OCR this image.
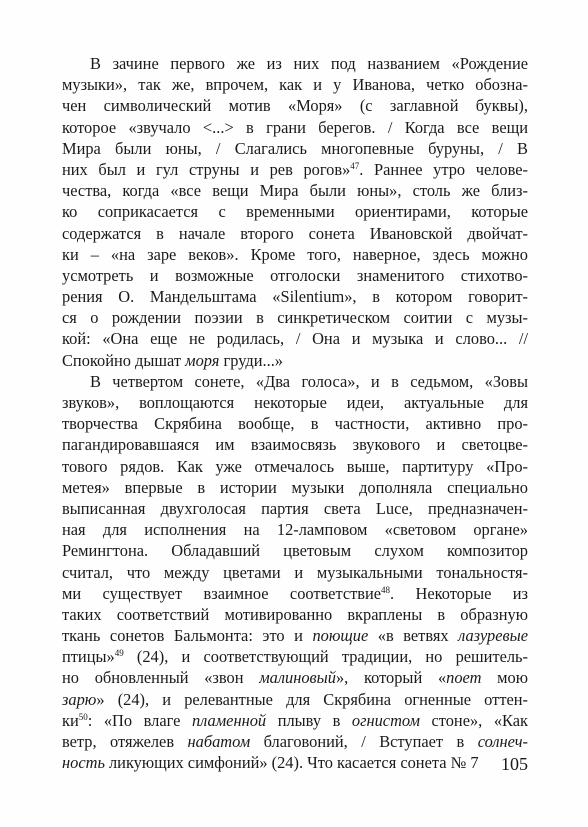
В зачине первого же из них под названием «Рождение
музыки», так же, впрочем, как и у Иванова, четко обозна-
чен символический мотив «Моря» (с заглавной буквы),
которое «звучало <...> в грани берегов. / Когда все вещи
Мира были юны, / Слагались многопевные буруны, / В
них был и гул струны и рев рогов»$^{47}$. Раннее утро челове-
чества, когда «все вещи Мира были юны», столь же близ-
ко соприкасается с временными ориентирами, которые
содержатся в начале второго сонета Ивановской двойчат-
ки – «на заре веков». Кроме того, наверное, здесь можно
усмотреть и возможные отголоски знаменитого стихотво-
рения О. Мандельштама «Silentium», в котором говорит-
ся о рождении поэзии в синкретическом соитии с музы-
кой: «Она еще не родилась, / Она и музыка и слово... //
Спокойно дышат моря груди...»
В четвертом сонете, «Два голоса», и в седьмом, «Зовы
звуков», воплощаются некоторые идеи, актуальные для
творчества Скрябина вообще, в частности, активно про-
пагандировавшаяся им взаимосвязь звукового и светоцве-
тового рядов. Как уже отмечалось выше, партитуру «Про-
метея» впервые в истории музыки дополняла специально
выписанная двухголосая партия света Luce, предназначен-
ная для исполнения на 12-ламповом «световом органе»
Ремингтона. Обладавший цветовым слухом композитор
считал, что между цветами и музыкальными тональностя-
ми существует взаимное соответствие$^{48}$. Некоторые из
таких соответствий мотивированно вкраплены в образную
ткань сонетов Бальмонта: это и поющие «в ветвях лазуревые
птицы»$^{49}$ (24), и соответствующий традиции, но решитель-
но обновленный «звон малиновый», который «поет мою
зарю» (24), и релевантные для Скрябина огненные оттен-
$ки^{50}$: «По влаге пламенной плыву в огнистом стоне», «Как
ветр, отяжелев набатом благовоний, / Вступает в солнеч-
ность ликующих симфоний» (24). Что касается сонета № 7	105
